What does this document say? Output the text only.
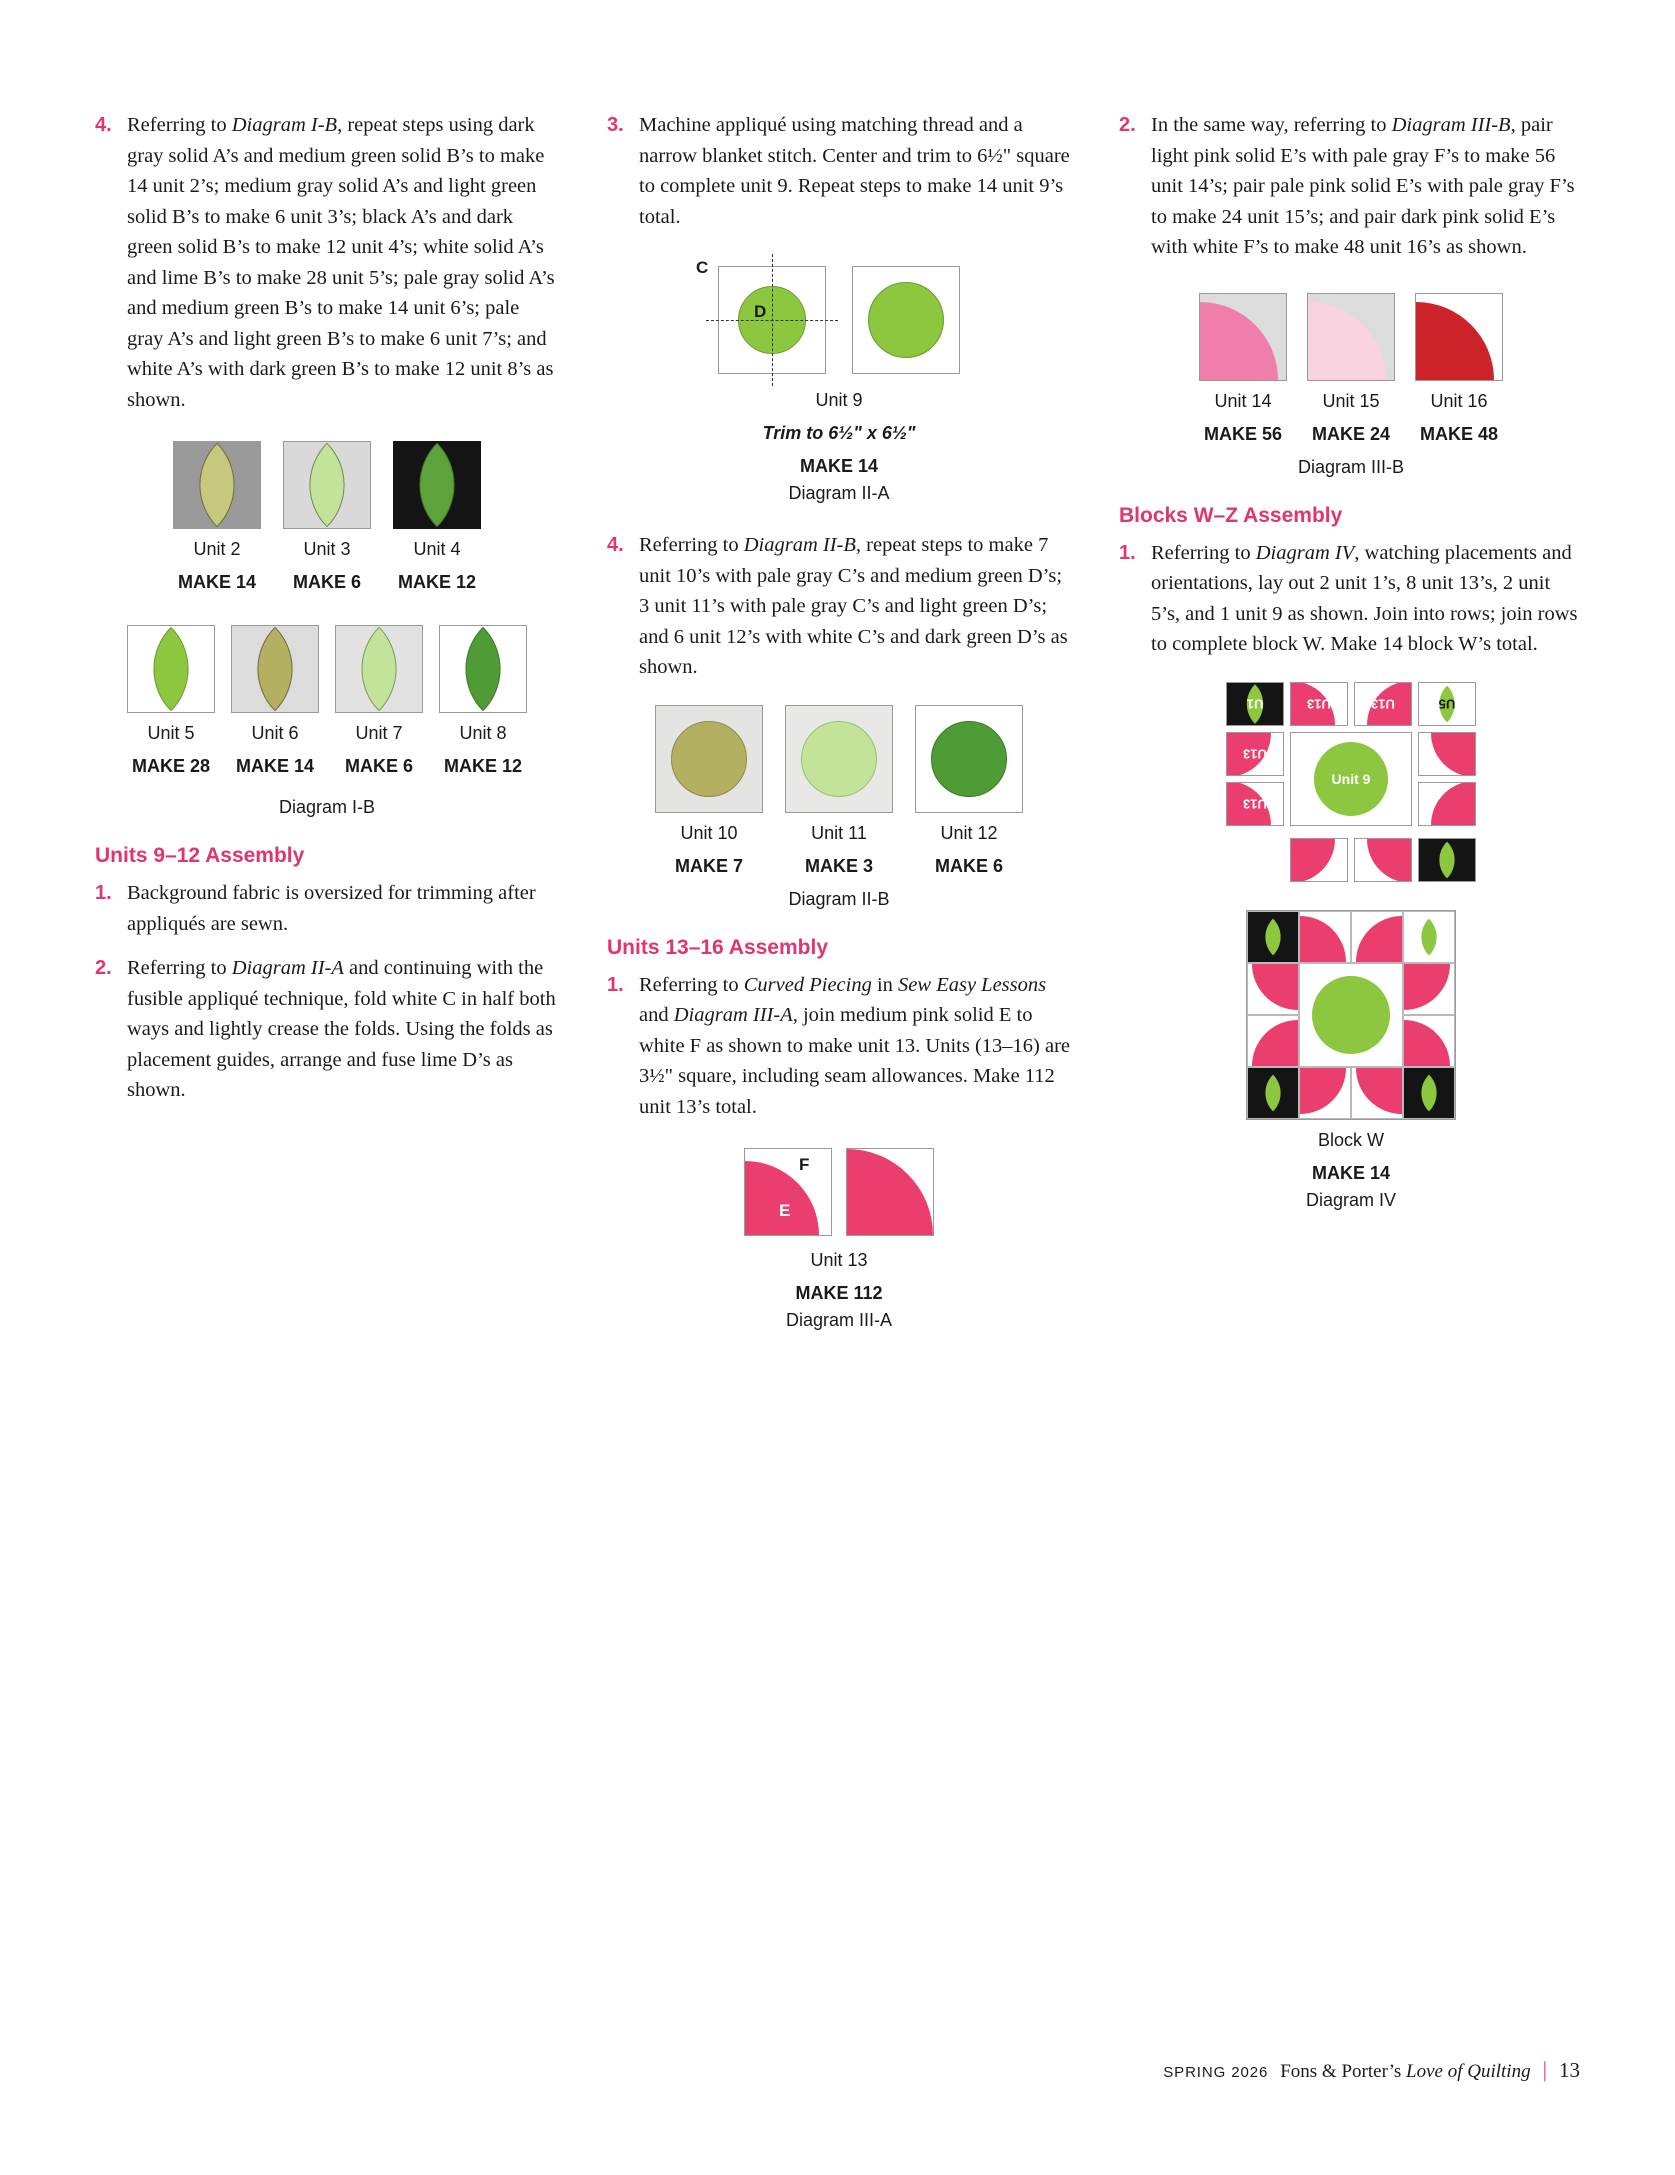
4. Referring to Diagram I-B, repeat steps using dark gray solid A’s and medium green solid B’s to make 14 unit 2’s; medium gray solid A’s and light green solid B’s to make 6 unit 3’s; black A’s and dark green solid B’s to make 12 unit 4’s; white solid A’s and lime B’s to make 28 unit 5’s; pale gray solid A’s and medium green B’s to make 14 unit 6’s; pale gray A’s and light green B’s to make 6 unit 7’s; and white A’s with dark green B’s to make 12 unit 8’s as shown.
Unit 2
MAKE 14
Unit 3
MAKE 6
Unit 4
MAKE 12
Unit 5
MAKE 28
Unit 6
MAKE 14
Unit 7
MAKE 6
Unit 8
MAKE 12
Diagram I-B
Units 9–12 Assembly
1. Background fabric is oversized for trimming after appliqués are sewn.
2. Referring to Diagram II-A and continuing with the fusible appliqué technique, fold white C in half both ways and lightly crease the folds. Using the folds as placement guides, arrange and fuse lime D’s as shown.
3. Machine appliqué using matching thread and a narrow blanket stitch. Center and trim to 6½" square to complete unit 9. Repeat steps to make 14 unit 9’s total.
C
D
Unit 9
Trim to 6½" x 6½"
MAKE 14
Diagram II-A
4. Referring to Diagram II-B, repeat steps to make 7 unit 10’s with pale gray C’s and medium green D’s; 3 unit 11’s with pale gray C’s and light green D’s; and 6 unit 12’s with white C’s and dark green D’s as shown.
Unit 10
MAKE 7
Unit 11
MAKE 3
Unit 12
MAKE 6
Diagram II-B
Units 13–16 Assembly
1. Referring to Curved Piecing in Sew Easy Lessons and Diagram III-A, join medium pink solid E to white F as shown to make unit 13. Units (13–16) are 3½" square, including seam allowances. Make 112 unit 13’s total.
E
F
Unit 13
MAKE 112
Diagram III-A
2. In the same way, referring to Diagram III-B, pair light pink solid E’s with pale gray F’s to make 56 unit 14’s; pair pale pink solid E’s with pale gray F’s to make 24 unit 15’s; and pair dark pink solid E’s with white F’s to make 48 unit 16’s as shown.
Unit 14
MAKE 56
Unit 15
MAKE 24
Unit 16
MAKE 48
Diagram III-B
Blocks W–Z Assembly
1. Referring to Diagram IV, watching placements and orientations, lay out 2 unit 1’s, 8 unit 13’s, 2 unit 5’s, and 1 unit 9 as shown. Join into rows; join rows to complete block W. Make 14 block W’s total.
U1	U13	U13	U5
U13
U13
Unit 9
Block W
MAKE 14
Diagram IV
SPRING 2026 Fons & Porter’s Love of Quilting | 13
